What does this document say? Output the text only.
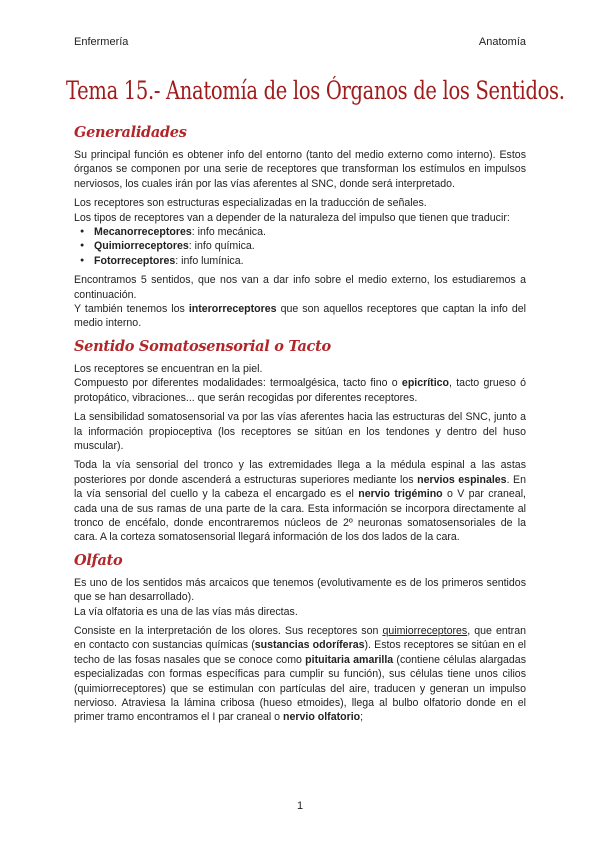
Enfermería	Anatomía
Tema 15.- Anatomía de los Órganos de los Sentidos.
Generalidades

Su principal función es obtener info del entorno (tanto del medio externo como interno). Estos órganos se componen por una serie de receptores que transforman los estímulos en impulsos nerviosos, los cuales irán por las vías aferentes al SNC, donde será interpretado.

Los receptores son estructuras especializadas en la traducción de señales.

Los tipos de receptores van a depender de la naturaleza del impulso que tienen que traducir:

● Mecanorreceptores: info mecánica.
● Quimiorreceptores: info química.
● Fotorreceptores: info lumínica.

Encontramos 5 sentidos, que nos van a dar info sobre el medio externo, los estudiaremos a continuación.

Y también tenemos los interorreceptores que son aquellos receptores que captan la info del medio interno.

Sentido Somatosensorial o Tacto

Los receptores se encuentran en la piel.

Compuesto por diferentes modalidades: termoalgésica, tacto fino o epicrítico, tacto grueso ó protopático, vibraciones... que serán recogidas por diferentes receptores.

La sensibilidad somatosensorial va por las vías aferentes hacia las estructuras del SNC, junto a la información propioceptiva (los receptores se sitúan en los tendones y dentro del huso muscular).

Toda la vía sensorial del tronco y las extremidades llega a la médula espinal a las astas posteriores por donde ascenderá a estructuras superiores mediante los nervios espinales. En la vía sensorial del cuello y la cabeza el encargado es el nervio trigémino o V par craneal, cada una de sus ramas de una parte de la cara. Esta información se incorpora directamente al tronco de encéfalo, donde encontraremos núcleos de 2º neuronas somatosensoriales de la cara. A la corteza somatosensorial llegará información de los dos lados de la cara.

Olfato

Es uno de los sentidos más arcaicos que tenemos (evolutivamente es de los primeros sentidos que se han desarrollado).

La vía olfatoria es una de las vías más directas.

Consiste en la interpretación de los olores. Sus receptores son quimiorreceptores, que entran en contacto con sustancias químicas (sustancias odoríferas). Estos receptores se sitúan en el techo de las fosas nasales que se conoce como pituitaria amarilla (contiene células alargadas especializadas con formas específicas para cumplir su función), sus células tiene unos cilios (quimiorreceptores) que se estimulan con partículas del aire, traducen y generan un impulso nervioso. Atraviesa la lámina cribosa (hueso etmoides), llega al bulbo olfatorio donde en el primer tramo encontramos el I par craneal o nervio olfatorio;

1
